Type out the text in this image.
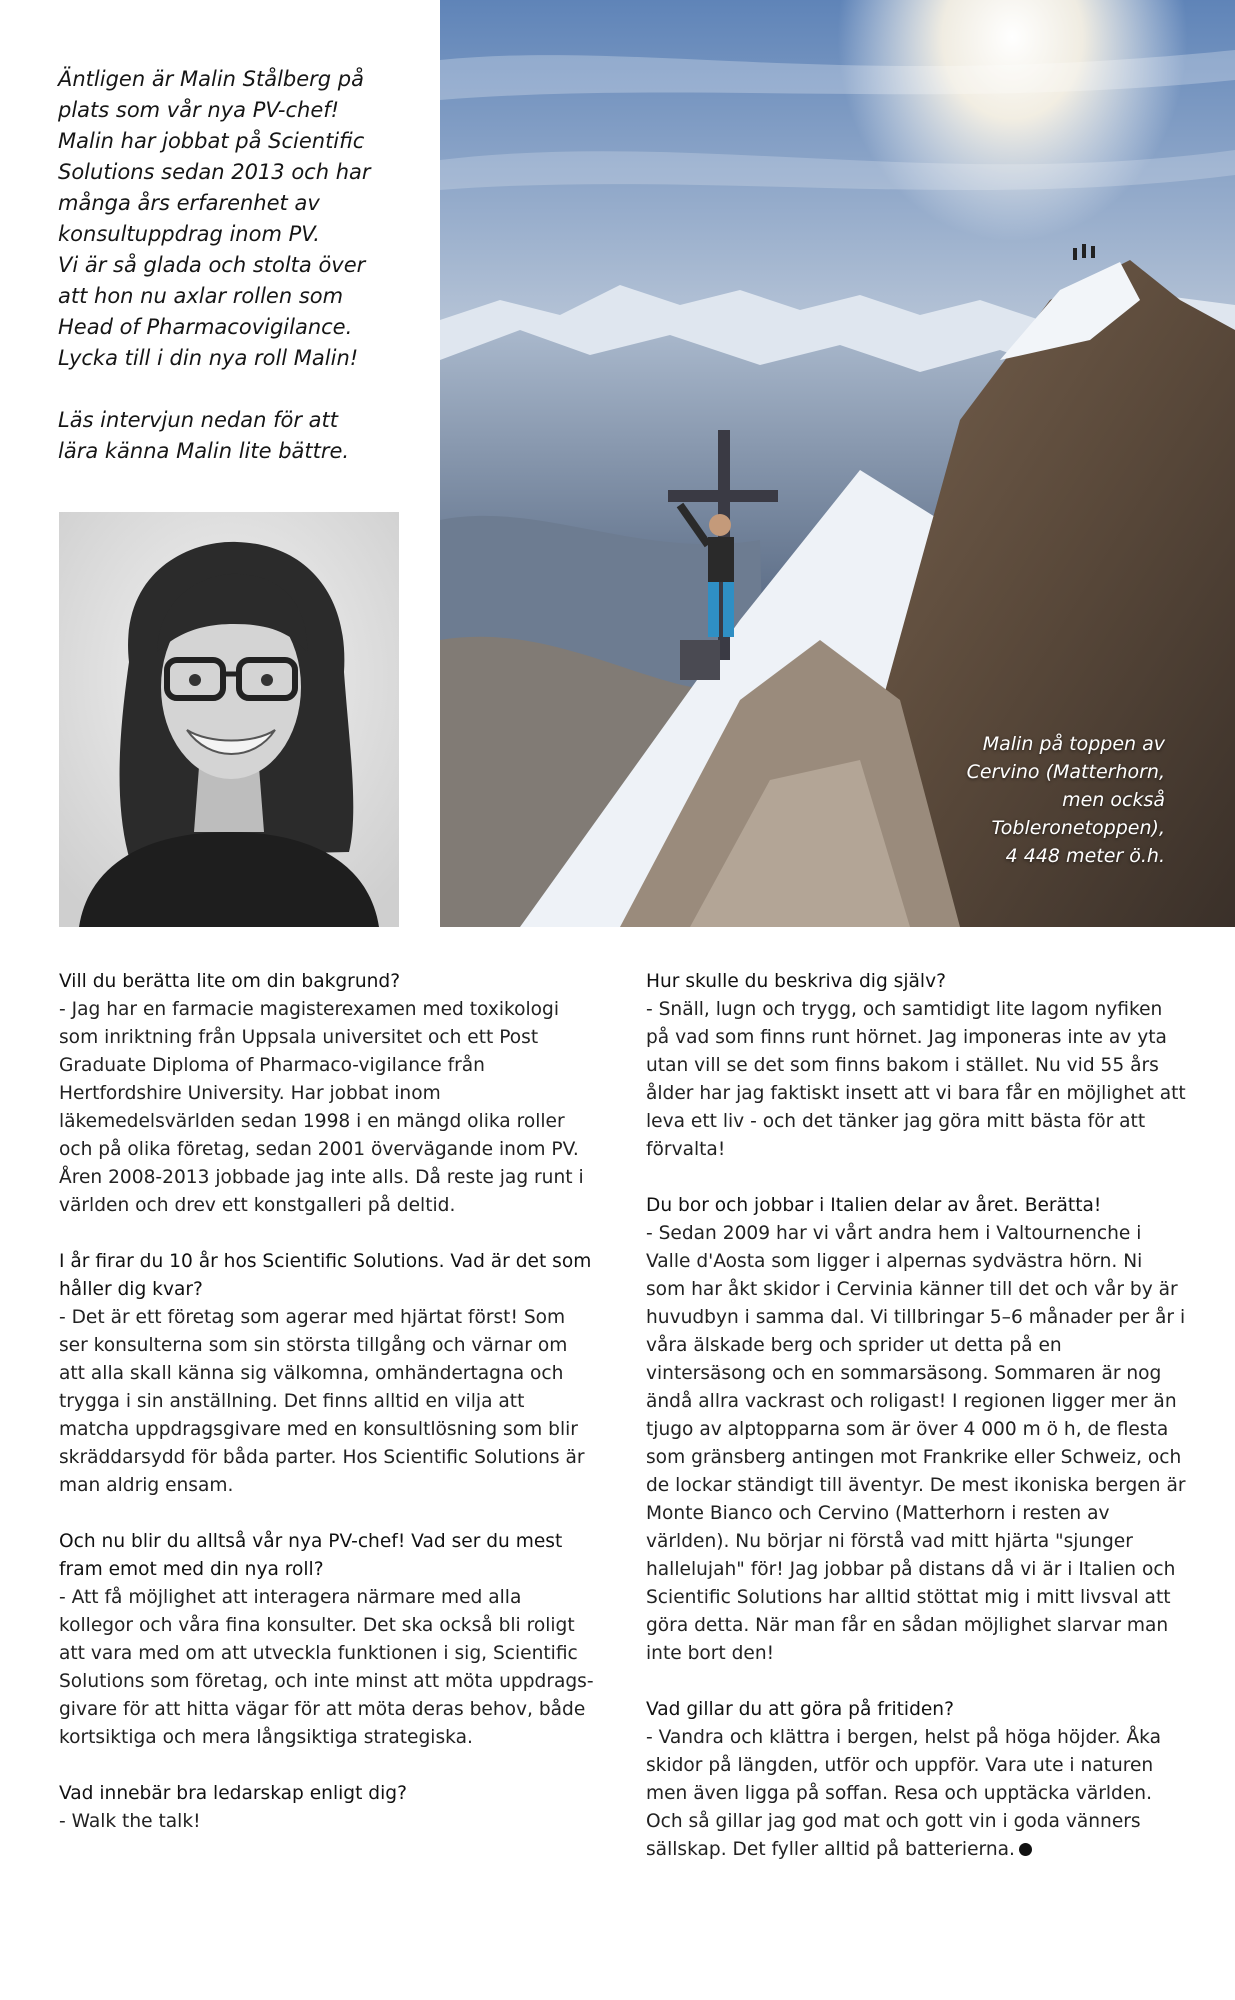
Äntligen är Malin Stålberg på

plats som vår nya PV-chef!

Malin har jobbat på Scientific

Solutions sedan 2013 och har

många års erfarenhet av

konsultuppdrag inom PV.

Vi är så glada och stolta över

att hon nu axlar rollen som

Head of Pharmacovigilance.

Lycka till i din nya roll Malin!

Läs intervjun nedan för att

lära känna Malin lite bättre.

Malin på toppen av
Cervino (Matterhorn,
men också
Tobleronetoppen),
4 448 meter ö.h.
Vill du berätta lite om din bakgrund?
- Jag har en farmacie magisterexamen med toxikologi som inriktning från Uppsala universitet och ett Post Graduate Diploma of Pharmaco-vigilance från Hertfordshire University. Har jobbat inom läkemedelsvärlden sedan 1998 i en mängd olika roller och på olika företag, sedan 2001 övervägande inom PV. Åren 2008-2013 jobbade jag inte alls. Då reste jag runt i världen och drev ett konstgalleri på deltid.
I år firar du 10 år hos Scientific Solutions. Vad är det som håller dig kvar?
- Det är ett företag som agerar med hjärtat först! Som ser konsulterna som sin största tillgång och värnar om att alla skall känna sig välkomna, omhändertagna och trygga i sin anställning. Det finns alltid en vilja att matcha uppdragsgivare med en konsultlösning som blir skräddarsydd för båda parter. Hos Scientific Solutions är man aldrig ensam.
Och nu blir du alltså vår nya PV-chef! Vad ser du mest fram emot med din nya roll?
- Att få möjlighet att interagera närmare med alla kollegor och våra fina konsulter. Det ska också bli roligt att vara med om att utveckla funktionen i sig, Scientific Solutions som företag, och inte minst att möta uppdrags-givare för att hitta vägar för att möta deras behov, både kortsiktiga och mera långsiktiga strategiska.
Vad innebär bra ledarskap enligt dig?
- Walk the talk!
Hur skulle du beskriva dig själv?
- Snäll, lugn och trygg, och samtidigt lite lagom nyfiken på vad som finns runt hörnet. Jag imponeras inte av yta utan vill se det som finns bakom i stället. Nu vid 55 års ålder har jag faktiskt insett att vi bara får en möjlighet att leva ett liv - och det tänker jag göra mitt bästa för att förvalta!
Du bor och jobbar i Italien delar av året. Berätta!
- Sedan 2009 har vi vårt andra hem i Valtournenche i Valle d'Aosta som ligger i alpernas sydvästra hörn. Ni som har åkt skidor i Cervinia känner till det och vår by är huvudbyn i samma dal. Vi tillbringar 5–6 månader per år i våra älskade berg och sprider ut detta på en vintersäsong och en sommarsäsong. Sommaren är nog ändå allra vackrast och roligast! I regionen ligger mer än tjugo av alptopparna som är över 4 000 m ö h, de flesta som gränsberg antingen mot Frankrike eller Schweiz, och de lockar ständigt till äventyr. De mest ikoniska bergen är Monte Bianco och Cervino (Matterhorn i resten av världen). Nu börjar ni förstå vad mitt hjärta "sjunger hallelujah" för! Jag jobbar på distans då vi är i Italien och Scientific Solutions har alltid stöttat mig i mitt livsval att göra detta. När man får en sådan möjlighet slarvar man inte bort den!
Vad gillar du att göra på fritiden?
- Vandra och klättra i bergen, helst på höga höjder. Åka skidor på längden, utför och uppför. Vara ute i naturen men även ligga på soffan. Resa och upptäcka världen. Och så gillar jag god mat och gott vin i goda vänners sällskap. Det fyller alltid på batterierna.
